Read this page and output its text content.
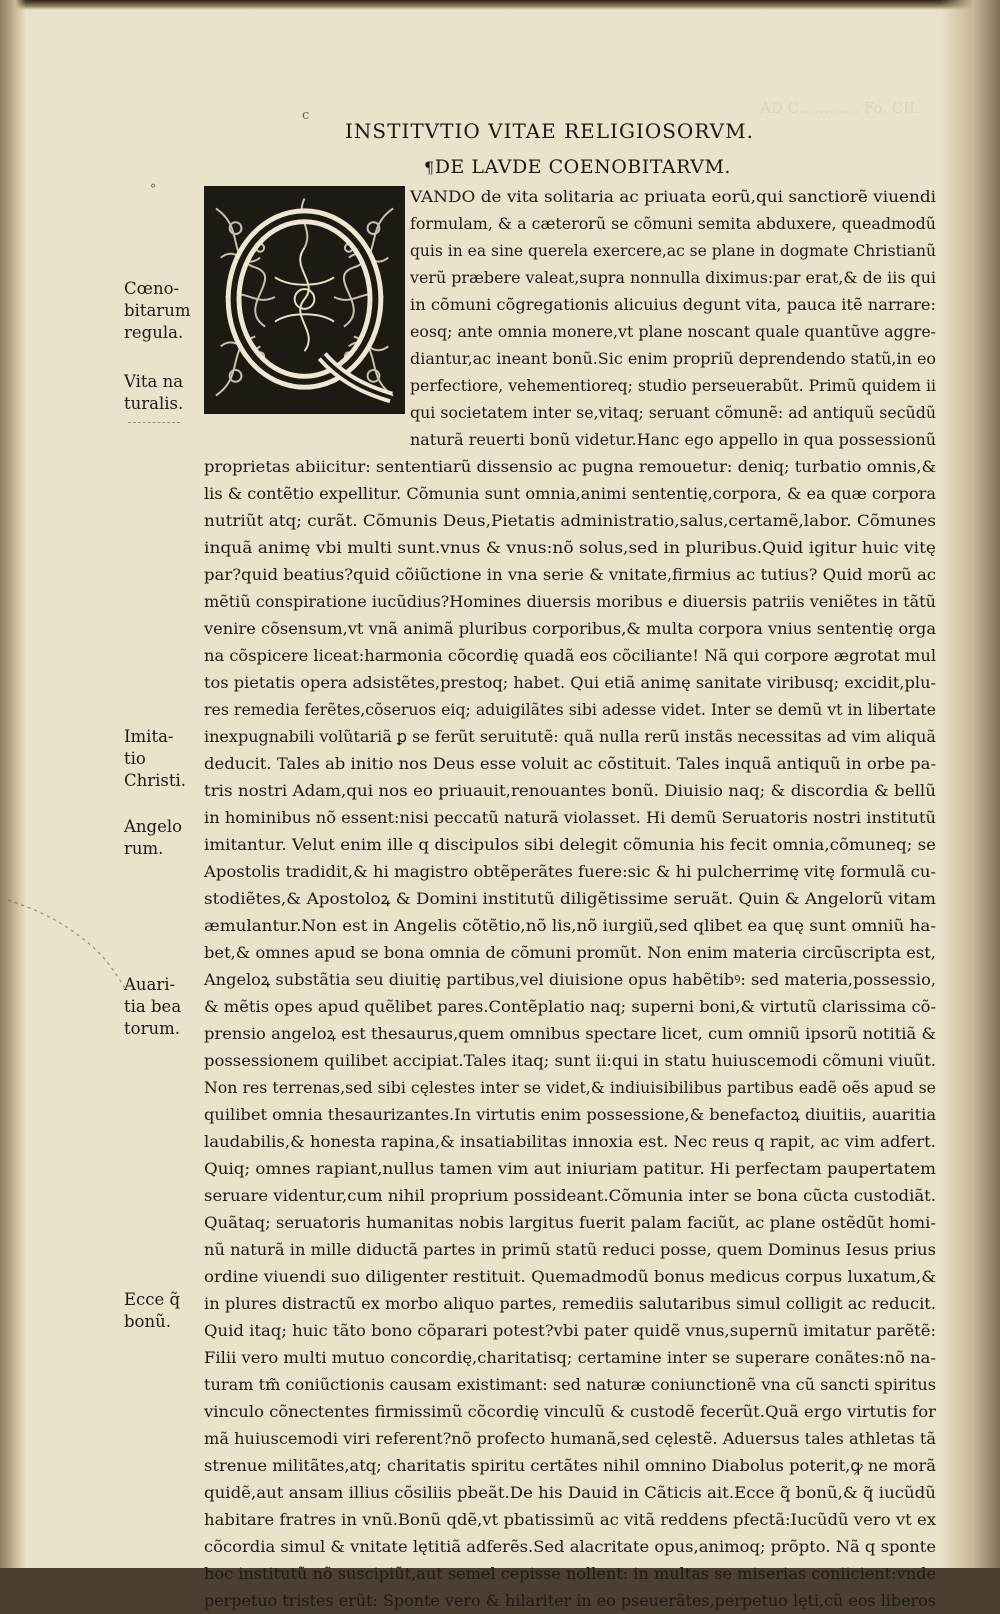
AD C………… Fo. CII.
c
°
INSTITVTIO VITAE RELIGIOSORVM.
¶DE LAVDE COENOBITARVM.
Cœno-
bitarum
regula.
Vita na
turalis.
Imita-
tio
Christi.
Angelo
rum.
Auari-
tia bea
torum.
Ecce q̃
bonũ.
VANDO de vita solitaria ac priuata eorũ,qui sanctiorẽ viuendi
formulam, & a cæterorũ se cõmuni semita abduxere, queadmodũ
quis in ea sine querela exercere,ac se plane in dogmate Christianũ
verũ præbere valeat,supra nonnulla diximus:par erat,& de iis qui
in cõmuni cõgregationis alicuius degunt vita, pauca itẽ narrare:
eosq; ante omnia monere,vt plane noscant quale quantũve aggre-
diantur,ac ineant bonũ.Sic enim propriũ deprendendo statũ,in eo
perfectiore, vehementioreq; studio perseuerabũt. Primũ quidem ii
qui societatem inter se,vitaq; seruant cõmunẽ: ad antiquũ secũdũ
naturã reuerti bonũ videtur.Hanc ego appello in qua possessionũ
proprietas abiicitur: sententiarũ dissensio ac pugna remouetur: deniq; turbatio omnis,&
lis & contẽtio expellitur. Cõmunia sunt omnia,animi sententię,corpora, & ea quæ corpora
nutriũt atq; curãt. Cõmunis Deus,Pietatis administratio,salus,certamẽ,labor. Cõmunes
inquã animę vbi multi sunt.vnus & vnus:nõ solus,sed in pluribus.Quid igitur huic vitę
par?quid beatius?quid cõiũctione in vna serie & vnitate,firmius ac tutius? Quid morũ ac
mẽtiũ conspiratione iucũdius?Homines diuersis moribus e diuersis patriis veniẽtes in tãtũ
venire cõsensum,vt vnã animã pluribus corporibus,& multa corpora vnius sententię orga
na cõspicere liceat:harmonia cõcordię quadã eos cõciliante! Nã qui corpore ægrotat mul
tos pietatis opera adsistẽtes,prestoq; habet. Qui etiã animę sanitate viribusq; excidit,plu-
res remedia ferẽtes,cõseruos eiq; aduigilãtes sibi adesse videt. Inter se demũ vt in libertate
inexpugnabili volũtariã ꝑ se ferũt seruitutẽ: quã nulla rerũ instãs necessitas ad vim aliquã
deducit. Tales ab initio nos Deus esse voluit ac cõstituit. Tales inquã antiquũ in orbe pa-
tris nostri Adam,qui nos eo priuauit,renouantes bonũ. Diuisio naq; & discordia & bellũ
in hominibus nõ essent:nisi peccatũ naturã violasset. Hi demũ Seruatoris nostri institutũ
imitantur. Velut enim ille q discipulos sibi delegit cõmunia his fecit omnia,cõmuneq; se
Apostolis tradidit,& hi magistro obtẽperãtes fuere:sic & hi pulcherrimę vitę formulã cu-
stodiẽtes,& Apostoloꝝ & Domini institutũ diligẽtissime seruãt. Quin & Angelorũ vitam
æmulantur.Non est in Angelis cõtẽtio,nõ lis,nõ iurgiũ,sed qlibet ea quę sunt omniũ ha-
bet,& omnes apud se bona omnia de cõmuni promũt. Non enim materia circũscripta est,
Angeloꝝ substãtia seu diuitię partibus,vel diuisione opus habẽtibꝰ: sed materia,possessio,
& mẽtis opes apud quẽlibet pares.Contẽplatio naq; superni boni,& virtutũ clarissima cõ-
prensio angeloꝝ est thesaurus,quem omnibus spectare licet, cum omniũ ipsorũ notitiã &
possessionem quilibet accipiat.Tales itaq; sunt ii:qui in statu huiuscemodi cõmuni viuũt.
Non res terrenas,sed sibi cęlestes inter se videt,& indiuisibilibus partibus eadẽ oẽs apud se
quilibet omnia thesaurizantes.In virtutis enim possessione,& benefactoꝝ diuitiis, auaritia
laudabilis,& honesta rapina,& insatiabilitas innoxia est. Nec reus q rapit, ac vim adfert.
Quiq; omnes rapiant,nullus tamen vim aut iniuriam patitur. Hi perfectam paupertatem
seruare videntur,cum nihil proprium possideant.Cõmunia inter se bona cũcta custodiãt.
Quãtaq; seruatoris humanitas nobis largitus fuerit palam faciũt, ac plane ostẽdũt homi-
nũ naturã in mille diductã partes in primũ statũ reduci posse, quem Dominus Iesus prius
ordine viuendi suo diligenter restituit. Quemadmodũ bonus medicus corpus luxatum,&
in plures distractũ ex morbo aliquo partes, remediis salutaribus simul colligit ac reducit.
Quid itaq; huic tãto bono cõparari potest?vbi pater quidẽ vnus,supernũ imitatur parẽtẽ:
Filii vero multi mutuo concordię,charitatisq; certamine inter se superare conãtes:nõ na-
turam tm̃ coniũctionis causam existimant: sed naturæ coniunctionẽ vna cũ sancti spiritus
vinculo cõnectentes firmissimũ cõcordię vinculũ & custodẽ fecerũt.Quã ergo virtutis for
mã huiuscemodi viri referent?nõ profecto humanã,sed cęlestẽ. Aduersus tales athletas tã
strenue militãtes,atq; charitatis spiritu certãtes nihil omnino Diabolus poterit,ꝙ ne morã
quidẽ,aut ansam illius cõsiliis pbeãt.De his Dauid in Cãticis ait.Ecce q̃ bonũ,& q̃ iucũdũ
habitare fratres in vnũ.Bonũ qdẽ,vt pbatissimũ ac vitã reddens pfectã:Iucũdũ vero vt ex
cõcordia simul & vnitate lętitiã adferẽs.Sed alacritate opus,animoq; prõpto. Nã q sponte
hoc institutũ nõ suscipiũt,aut semel cepisse nollent: in multas se miserias coniicient:vnde
perpetuo tristes erũt: Sponte vero & hilariter in eo pseuerãtes,perpetuo lęti,cũ eos liberos
